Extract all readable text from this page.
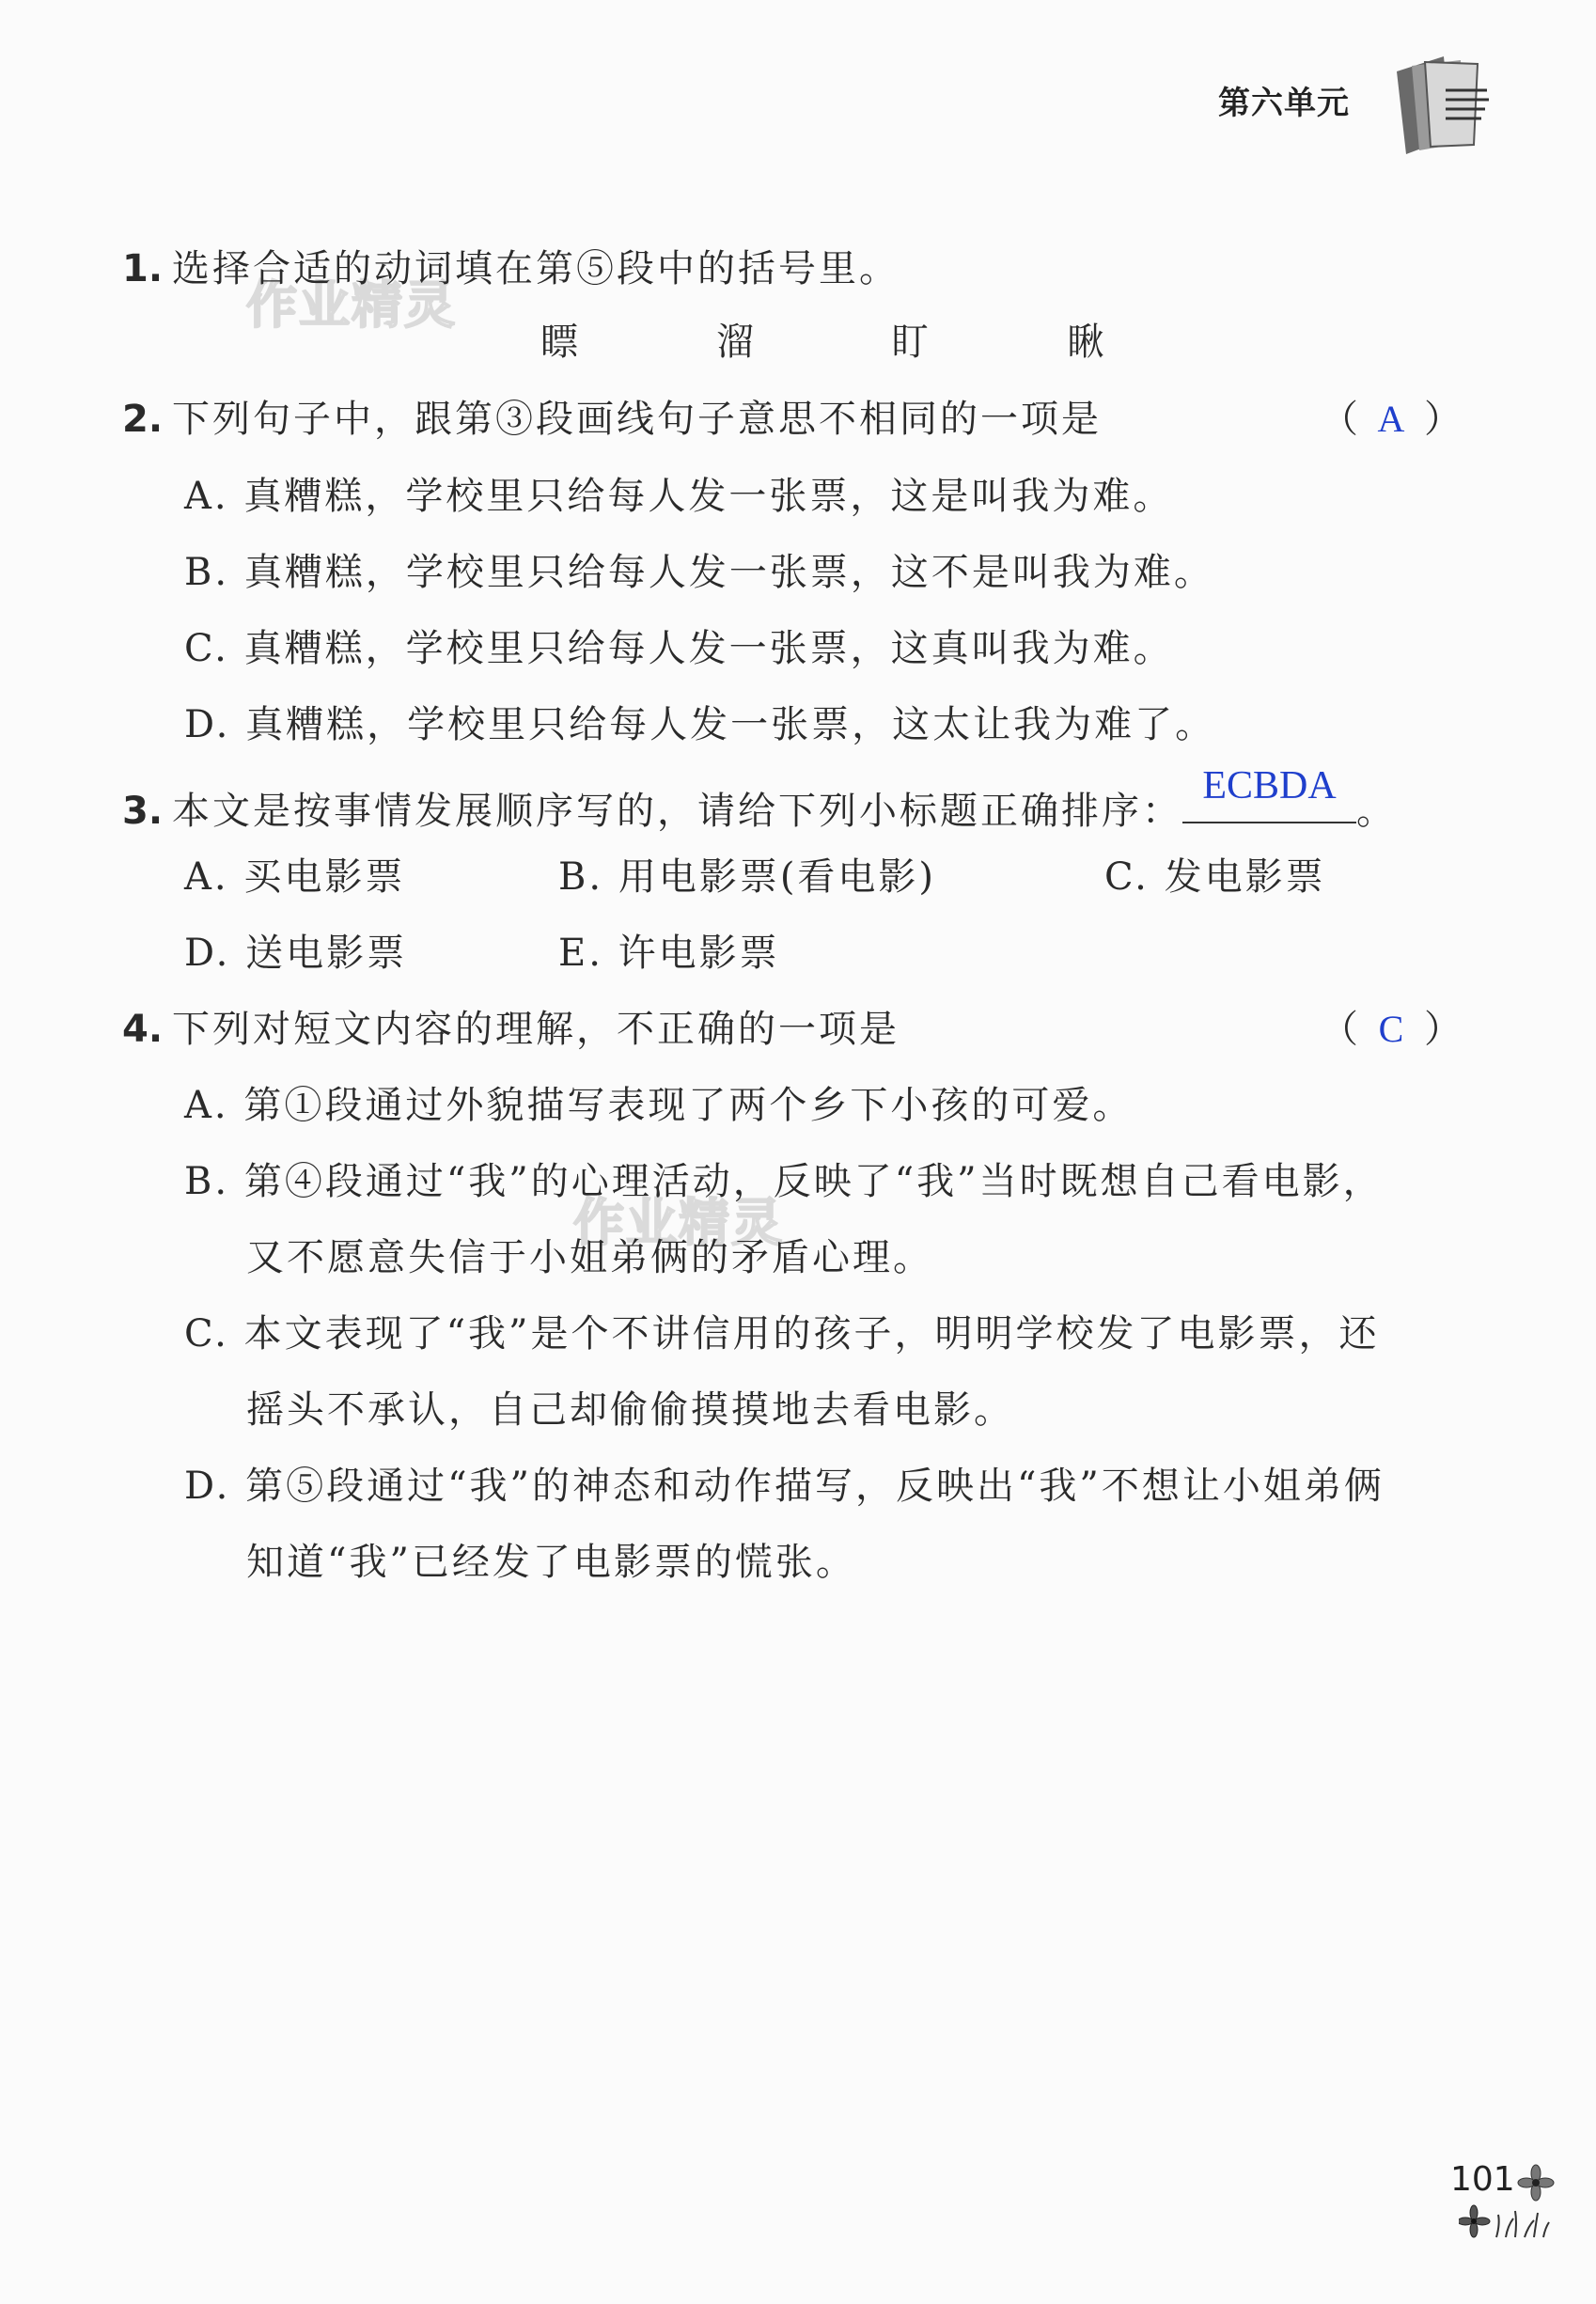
第六单元
作业精灵
作业精灵
1. 选择合适的动词填在第⑤段中的括号里。
瞟	溜	盯	瞅
2. 下列句子中，跟第③段画线句子意思不相同的一项是	（ A ）
A. 真糟糕，学校里只给每人发一张票，这是叫我为难。
B. 真糟糕，学校里只给每人发一张票，这不是叫我为难。
C. 真糟糕，学校里只给每人发一张票，这真叫我为难。
D. 真糟糕，学校里只给每人发一张票，这太让我为难了。
3. 本文是按事情发展顺序写的，请给下列小标题正确排序：
ECBDA
。
A. 买电影票	B. 用电影票(看电影)	C. 发电影票
D. 送电影票	E. 许电影票
4. 下列对短文内容的理解，不正确的一项是	（ C ）
A. 第①段通过外貌描写表现了两个乡下小孩的可爱。
B. 第④段通过“我”的心理活动，反映了“我”当时既想自己看电影，
又不愿意失信于小姐弟俩的矛盾心理。
C. 本文表现了“我”是个不讲信用的孩子，明明学校发了电影票，还
摇头不承认，自己却偷偷摸摸地去看电影。
D. 第⑤段通过“我”的神态和动作描写，反映出“我”不想让小姐弟俩
知道“我”已经发了电影票的慌张。
101
